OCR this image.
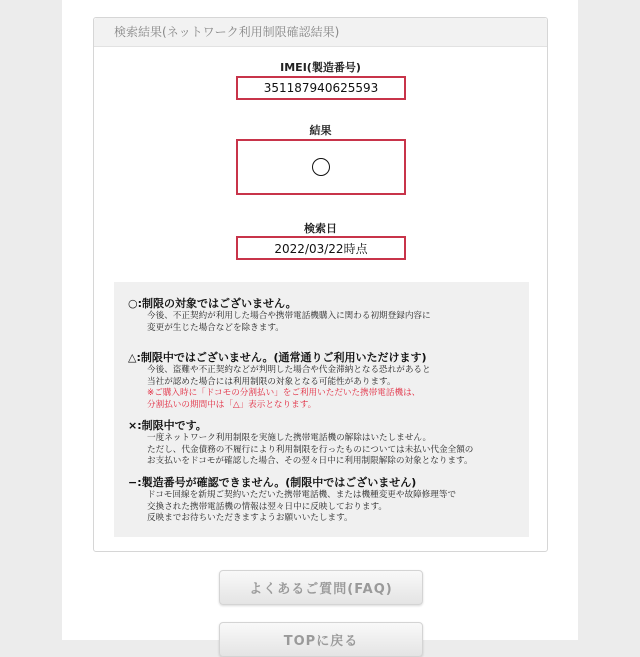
検索結果(ネットワーク利用制限確認結果)
IMEI(製造番号)
351187940625593
結果
検索日
2022/03/22時点
○:制限の対象ではございません。
今後、不正契約が利用した場合や携帯電話機購入に関わる初期登録内容に
変更が生じた場合などを除きます。
△:制限中ではございません。(通常通りご利用いただけます)
今後、盗難や不正契約などが判明した場合や代金滞納となる恐れがあると
当社が認めた場合には利用制限の対象となる可能性があります。
※ご購入時に「ドコモの分割払い」をご利用いただいた携帯電話機は、
分割払いの期間中は「△」表示となります。
×:制限中です。
一度ネットワーク利用制限を実施した携帯電話機の解除はいたしません。
ただし、代金債務の不履行により利用制限を行ったものについては未払い代金全額の
お支払いをドコモが確認した場合、その翌々日中に利用制限解除の対象となります。
−:製造番号が確認できません。(制限中ではございません)
ドコモ回線を新規ご契約いただいた携帯電話機、または機種変更や故障修理等で
交換された携帯電話機の情報は翌々日中に反映しております。
反映までお待ちいただきますようお願いいたします。
よくあるご質問(FAQ)
TOPに戻る
